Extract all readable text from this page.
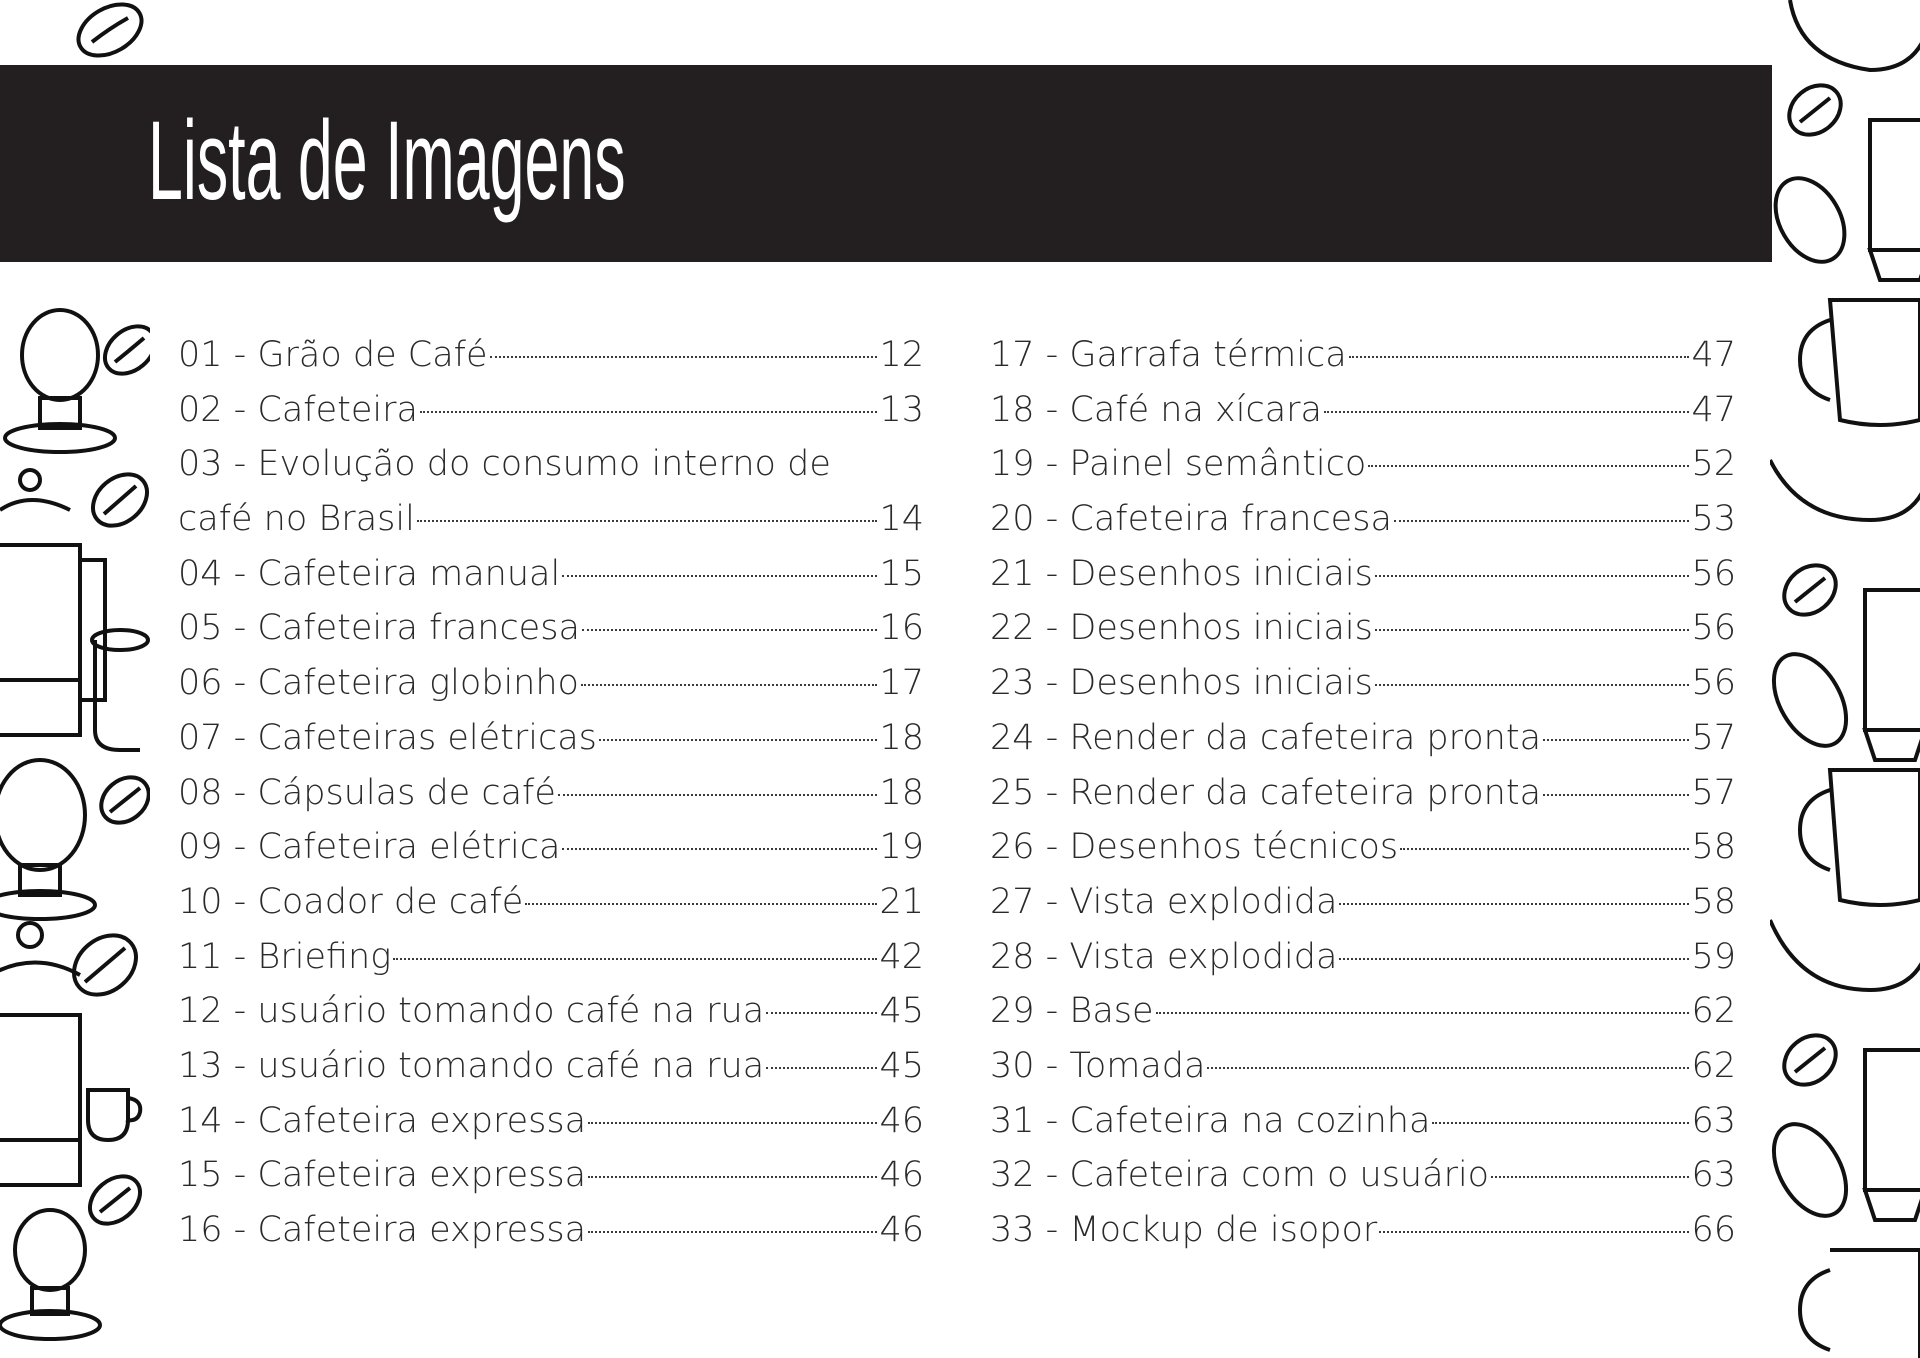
Lista de Imagens
01 - Grão de Café	12
02 - Cafeteira	13
03 - Evolução do consumo interno de
café no Brasil	14
04 - Cafeteira manual	15
05 - Cafeteira francesa	16
06 - Cafeteira globinho	17
07 - Cafeteiras elétricas	18
08 - Cápsulas de café	18
09 - Cafeteira elétrica	19
10 - Coador de café	21
11 - Briefing	42
12 - usuário tomando café na rua	45
13 - usuário tomando café na rua	45
14 - Cafeteira expressa	46
15 - Cafeteira expressa	46
16 - Cafeteira expressa	46
17 - Garrafa térmica	47
18 - Café na xícara	47
19 - Painel semântico	52
20 - Cafeteira francesa	53
21 - Desenhos iniciais	56
22 - Desenhos iniciais	56
23 - Desenhos iniciais	56
24 - Render da cafeteira pronta	57
25 - Render da cafeteira pronta	57
26 - Desenhos técnicos	58
27 - Vista explodida	58
28 - Vista explodida	59
29 - Base	62
30 - Tomada	62
31 - Cafeteira na cozinha	63
32 - Cafeteira com o usuário	63
33 - Mockup de isopor	66
